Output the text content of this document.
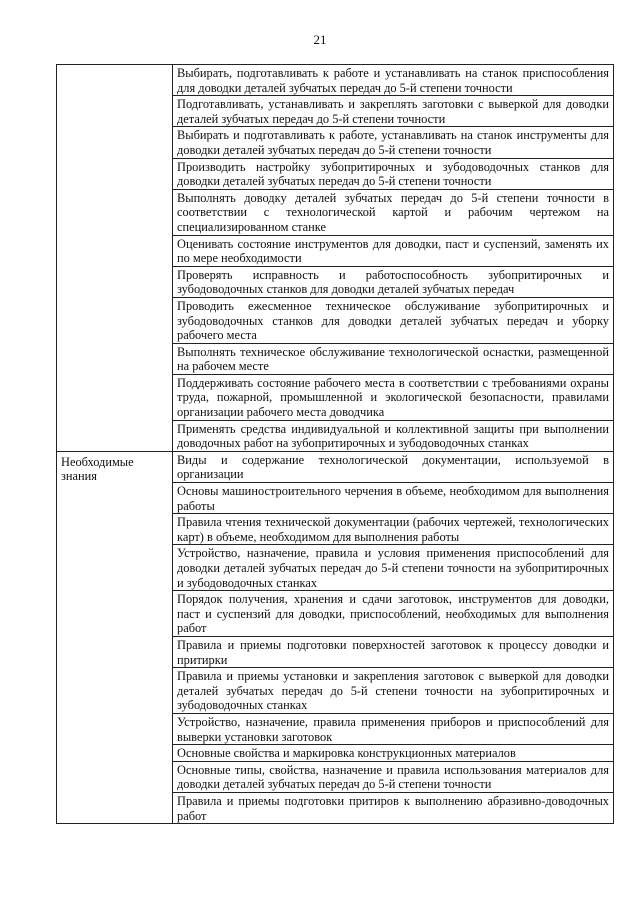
21
	Выбирать, подготавливать к работе и устанавливать на станок приспособления для доводки деталей зубчатых передач до 5-й степени точности
	Подготавливать, устанавливать и закреплять заготовки с выверкой для доводки деталей зубчатых передач до 5-й степени точности
	Выбирать и подготавливать к работе, устанавливать на станок инструменты для доводки деталей зубчатых передач до 5-й степени точности
	Производить настройку зубопритирочных и зубодоводочных станков для доводки деталей зубчатых передач до 5-й степени точности
	Выполнять доводку деталей зубчатых передач до 5-й степени точности в соответствии с технологической картой и рабочим чертежом на специализированном станке
	Оценивать состояние инструментов для доводки, паст и суспензий, заменять их по мере необходимости
	Проверять исправность и работоспособность зубопритирочных и зубодоводочных станков для доводки деталей зубчатых передач
	Проводить ежесменное техническое обслуживание зубопритирочных и зубодоводочных станков для доводки деталей зубчатых передач и уборку рабочего места
	Выполнять техническое обслуживание технологической оснастки, размещенной на рабочем месте
	Поддерживать состояние рабочего места в соответствии с требованиями охраны труда, пожарной, промышленной и экологической безопасности, правилами организации рабочего места доводчика
	Применять средства индивидуальной и коллективной защиты при выполнении доводочных работ на зубопритирочных и зубодоводочных станках
Необходимые знания	Виды и содержание технологической документации, используемой в организации
	Основы машиностроительного черчения в объеме, необходимом для выполнения работы
	Правила чтения технической документации (рабочих чертежей, технологических карт) в объеме, необходимом для выполнения работы
	Устройство, назначение, правила и условия применения приспособлений для доводки деталей зубчатых передач до 5-й степени точности на зубопритирочных и зубодоводочных станках
	Порядок получения, хранения и сдачи заготовок, инструментов для доводки, паст и суспензий для доводки, приспособлений, необходимых для выполнения работ
	Правила и приемы подготовки поверхностей заготовок к процессу доводки и притирки
	Правила и приемы установки и закрепления заготовок с выверкой для доводки деталей зубчатых передач до 5-й степени точности на зубопритирочных и зубодоводочных станках
	Устройство, назначение, правила применения приборов и приспособлений для выверки установки заготовок
	Основные свойства и маркировка конструкционных материалов
	Основные типы, свойства, назначение и правила использования материалов для доводки деталей зубчатых передач до 5-й степени точности
	Правила и приемы подготовки притиров к выполнению абразивно-доводочных работ
